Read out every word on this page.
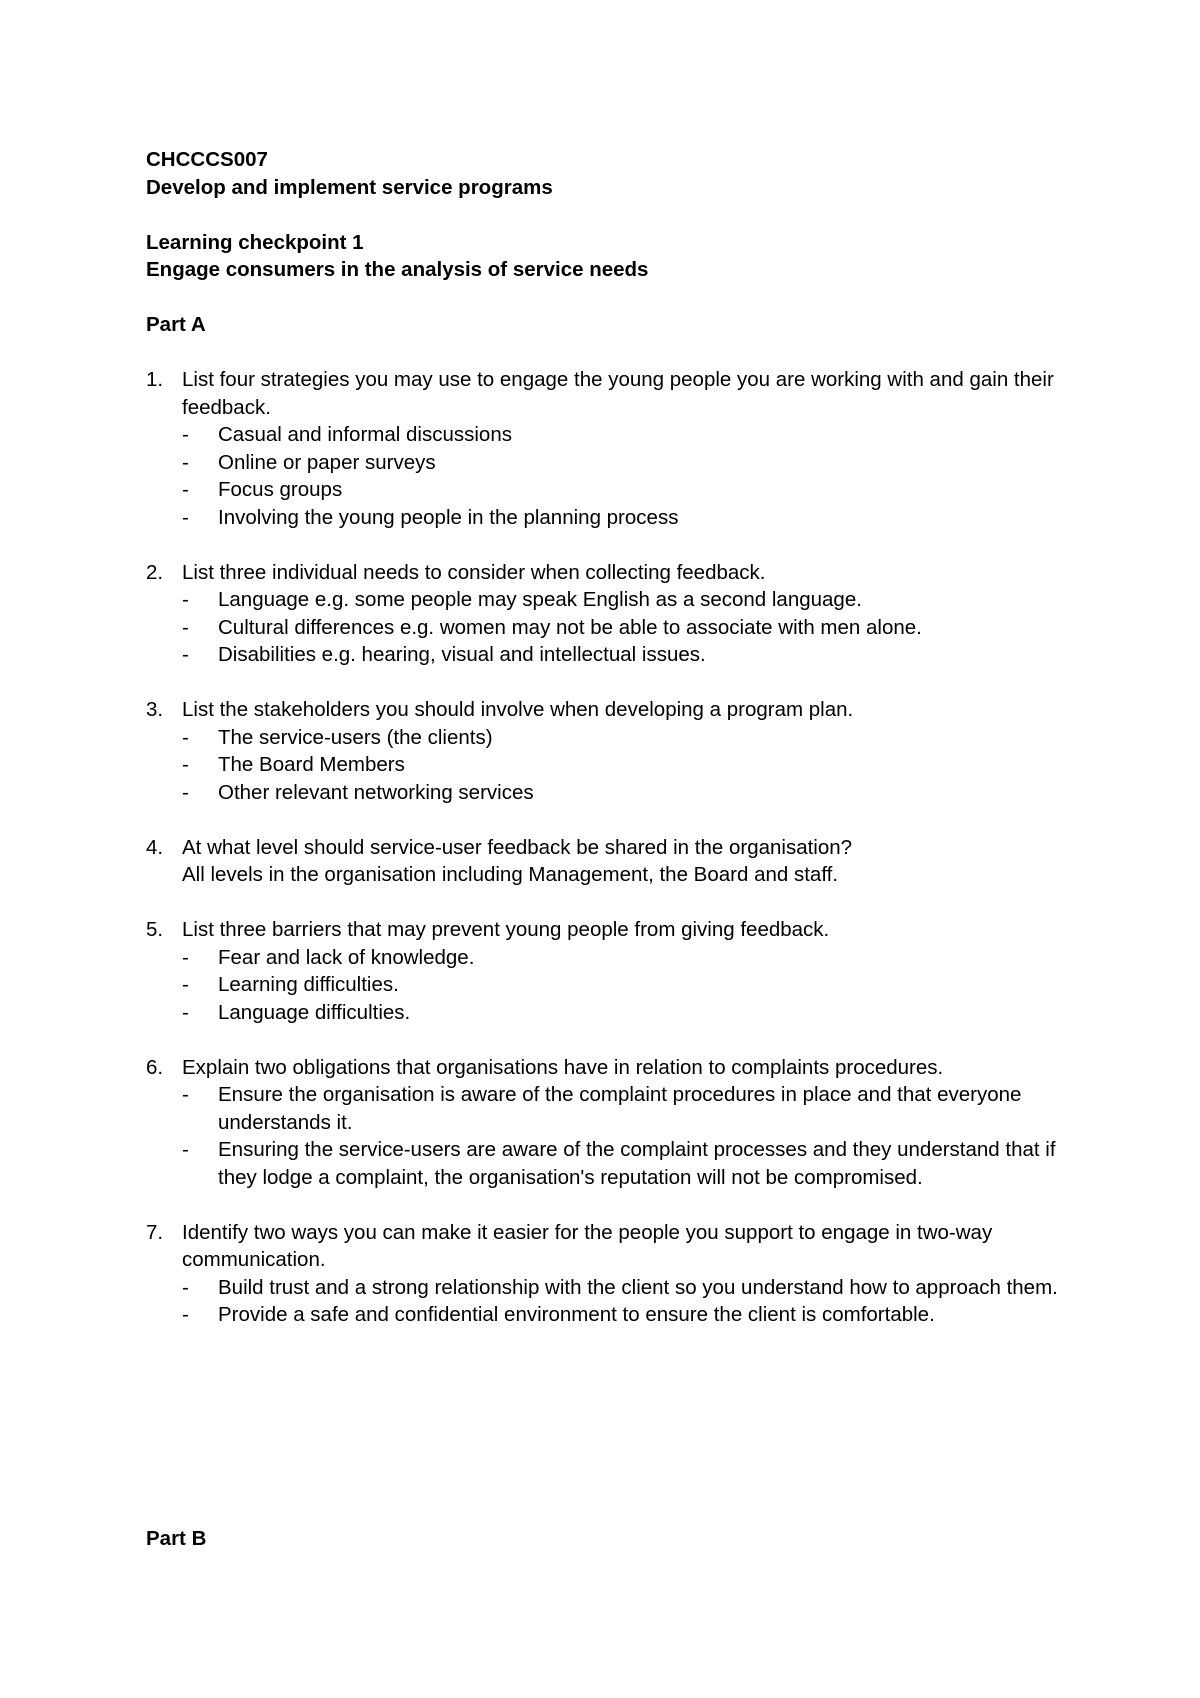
CHCCCS007

Develop and implement service programs

Learning checkpoint 1

Engage consumers in the analysis of service needs

Part A

1. List four strategies you may use to engage the young people you are working with and gain their feedback.
-	Casual and informal discussions
-	Online or paper surveys
-	Focus groups
-	Involving the young people in the planning process
2. List three individual needs to consider when collecting feedback.
-	Language e.g. some people may speak English as a second language.
-	Cultural differences e.g. women may not be able to associate with men alone.
-	Disabilities e.g. hearing, visual and intellectual issues.
3. List the stakeholders you should involve when developing a program plan.
-	The service-users (the clients)
-	The Board Members
-	Other relevant networking services
4. At what level should service-user feedback be shared in the organisation?
All levels in the organisation including Management, the Board and staff.
5. List three barriers that may prevent young people from giving feedback.
-	Fear and lack of knowledge.
-	Learning difficulties.
-	Language difficulties.
6. Explain two obligations that organisations have in relation to complaints procedures.
-	Ensure the organisation is aware of the complaint procedures in place and that everyone understands it.
-	Ensuring the service-users are aware of the complaint processes and they understand that if they lodge a complaint, the organisation's reputation will not be compromised.
7. Identify two ways you can make it easier for the people you support to engage in two-way communication.
-	Build trust and a strong relationship with the client so you understand how to approach them.
-	Provide a safe and confidential environment to ensure the client is comfortable.
Part B
